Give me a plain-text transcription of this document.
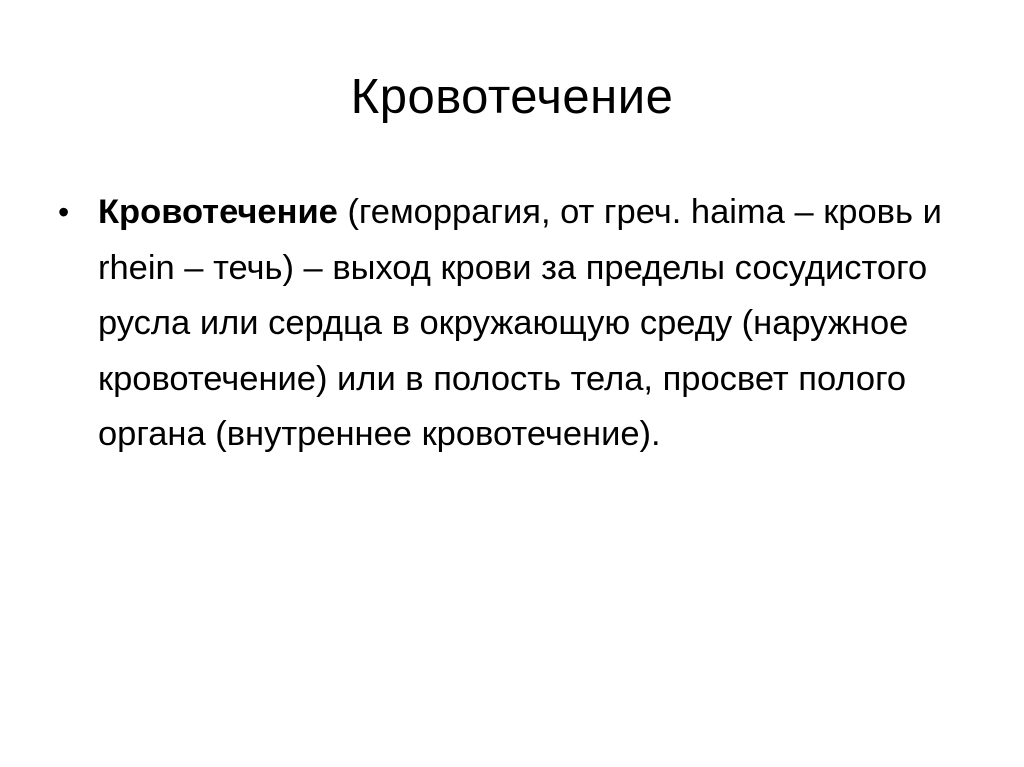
Кровотечение
• Кровотечение (геморрагия, от греч. haima – кровь и rhein – течь) – выход крови за пределы сосудистого русла или сердца в окружающую среду (наружное кровотечение) или в полость тела, просвет полого органа (внутреннее кровотечение).
